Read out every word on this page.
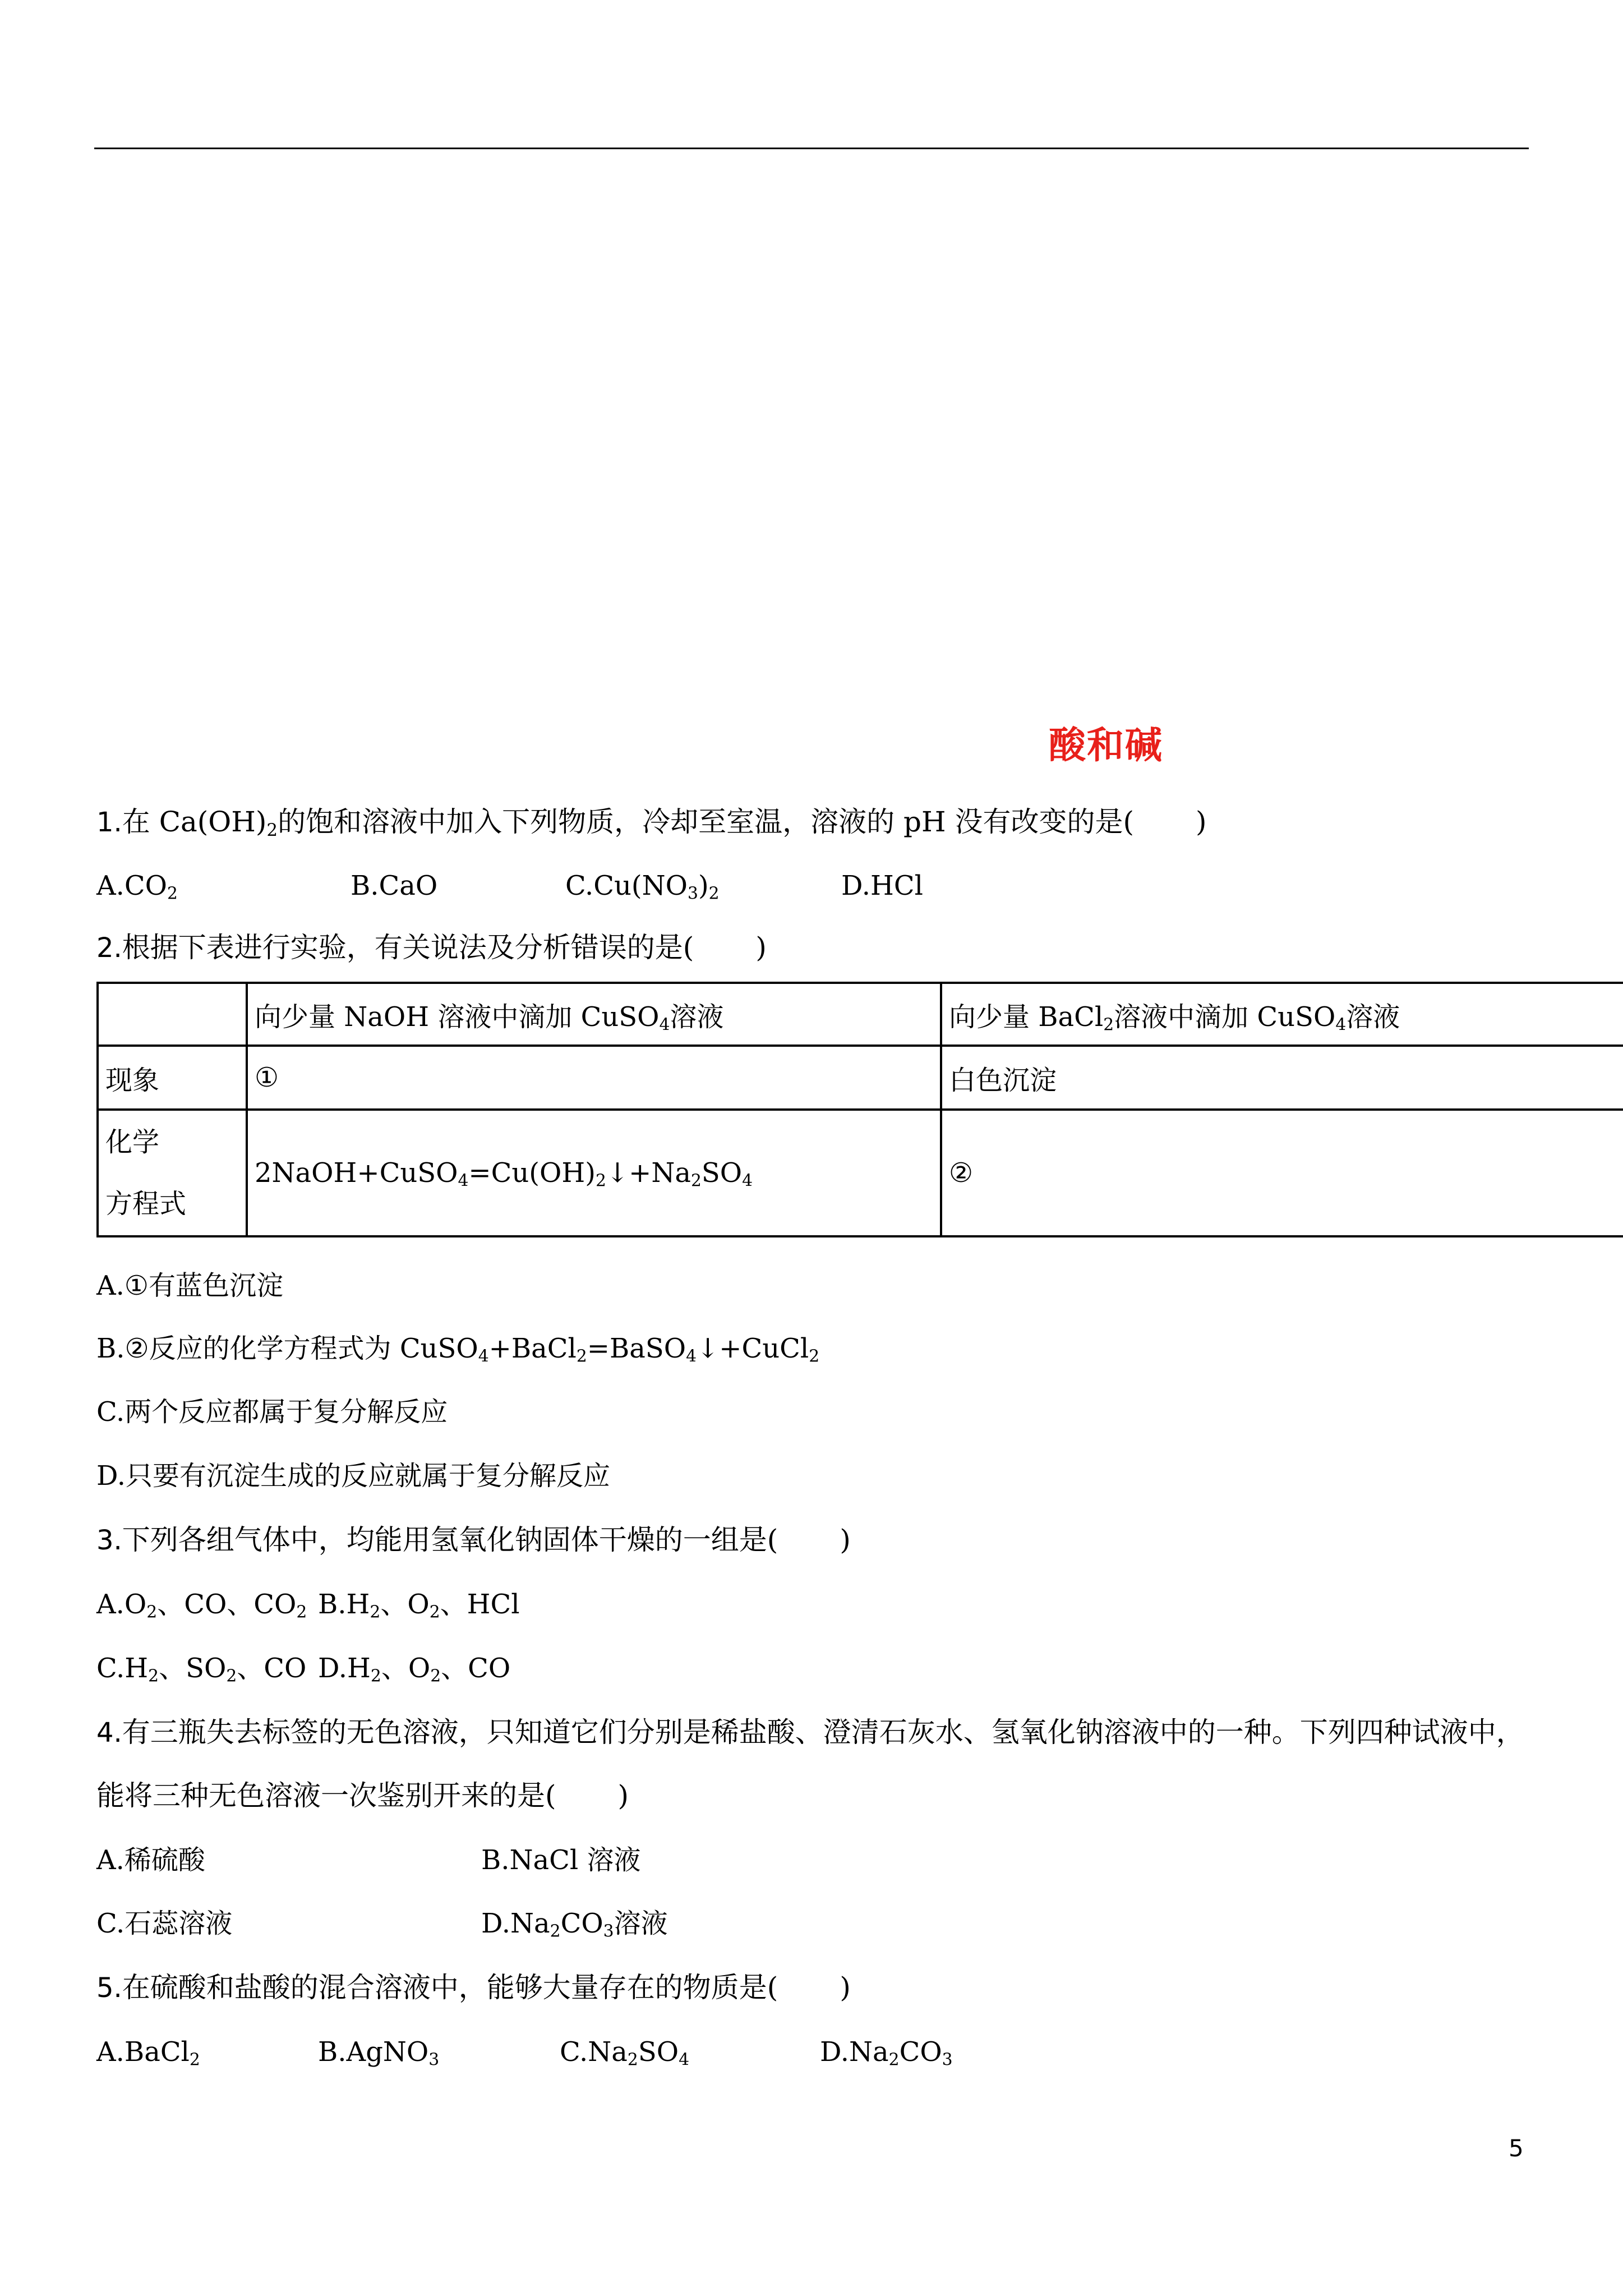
酸和碱
1.在 $Ca(OH)_2$的饱和溶液中加入下列物质，冷却至室温，溶液的 pH 没有改变的是( )
$A.CO_2$	B.CaO	$C.Cu(NO_3)_2$	D.HCl
2.根据下表进行实验，有关说法及分析错误的是( )
	向少量 NaOH 溶液中滴加 CuSO$_4$溶液	向少量 BaCl$_2$溶液中滴加 CuSO$_4$溶液
现象	①	白色沉淀

化学
方程式	$2NaOH+CuSO_4=Cu(OH)_2↓+Na_2SO_4$	②
A.①有蓝色沉淀
B.②反应的化学方程式为 CuSO$_4$+BaCl$_2$=BaSO$_4$↓+CuCl$_2$
C.两个反应都属于复分解反应
D.只要有沉淀生成的反应就属于复分解反应
3.下列各组气体中，均能用氢氧化钠固体干燥的一组是( )
$A.O_2$、CO、$CO_2$ $B.H_2$、$O_2$、HCl
$C.H_2$、$SO_2$、CO $D.H_2$、$O_2$、CO
4.有三瓶失去标签的无色溶液，只知道它们分别是稀盐酸、澄清石灰水、氢氧化钠溶液中的一种。下列四种试液中，
能将三种无色溶液一次鉴别开来的是( )
A.稀硫酸	B.NaCl 溶液
C.石蕊溶液	$D.Na_2CO_3$溶液
5.在硫酸和盐酸的混合溶液中，能够大量存在的物质是( )
A.BaCl$_2$	B.AgNO$_3$	$C.Na_2SO_4$	$D.Na_2CO_3$
5
